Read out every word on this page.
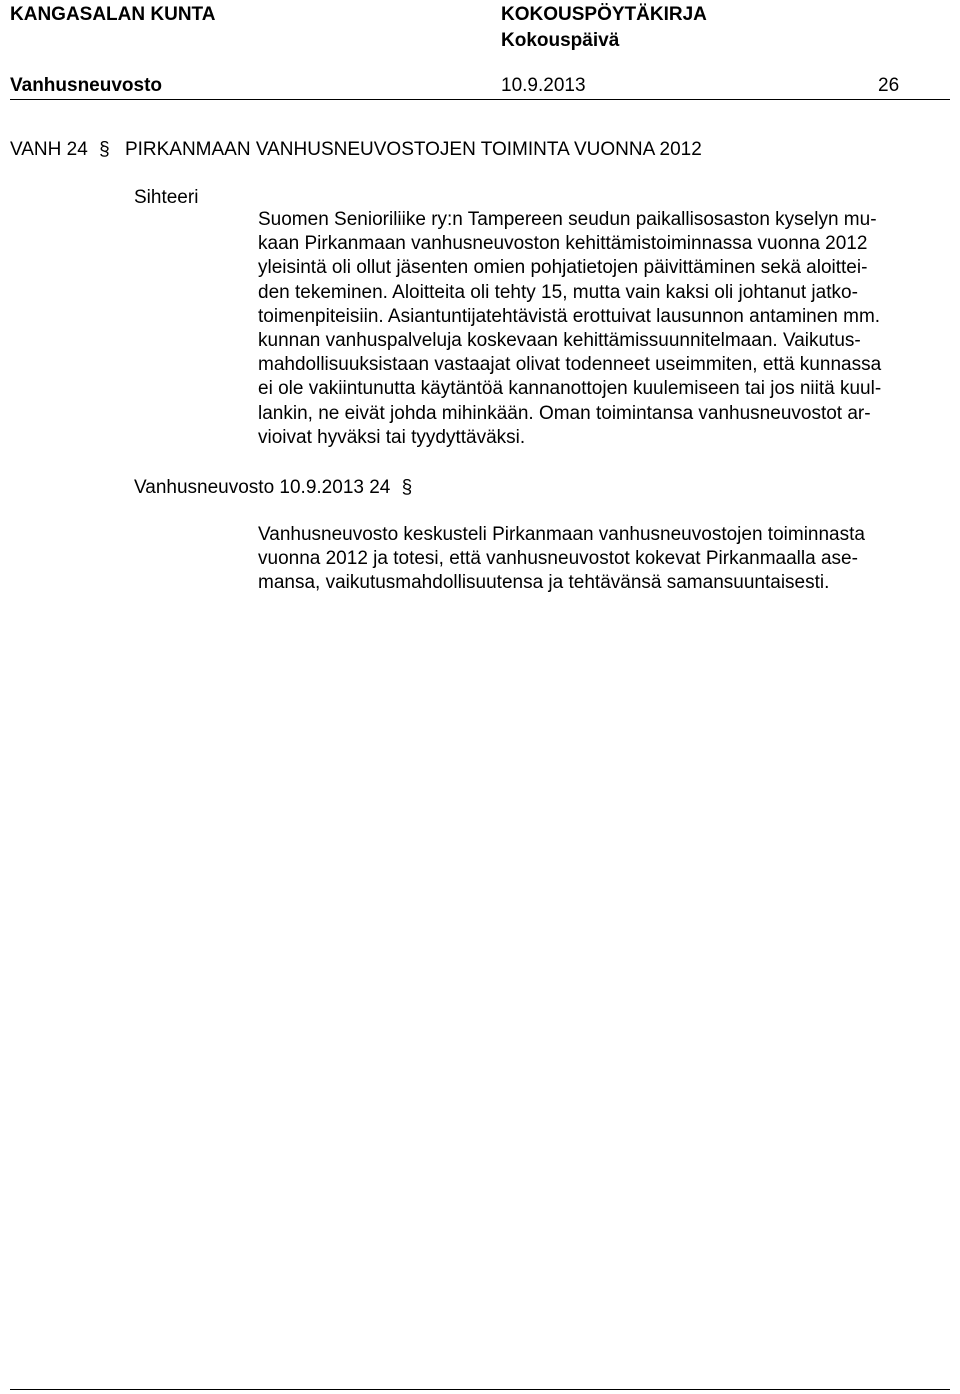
KANGASALAN KUNTA	KOKOUSPÖYTÄKIRJA
Kokouspäivä
Vanhusneuvosto	10.9.2013	26
VANH 24 § PIRKANMAAN VANHUSNEUVOSTOJEN TOIMINTA VUONNA 2012
Sihteeri
Suomen Senioriliike ry:n Tampereen seudun paikallisosaston kyselyn mu-
kaan Pirkanmaan vanhusneuvoston kehittämistoiminnassa vuonna 2012
yleisintä oli ollut jäsenten omien pohjatietojen päivittäminen sekä aloittei-
den tekeminen. Aloitteita oli tehty 15, mutta vain kaksi oli johtanut jatko-
toimenpiteisiin. Asiantuntijatehtävistä erottuivat lausunnon antaminen mm.
kunnan vanhuspalveluja koskevaan kehittämissuunnitelmaan. Vaikutus-
mahdollisuuksistaan vastaajat olivat todenneet useimmiten, että kunnassa
ei ole vakiintunutta käytäntöä kannanottojen kuulemiseen tai jos niitä kuul-
lankin, ne eivät johda mihinkään. Oman toimintansa vanhusneuvostot ar-
vioivat hyväksi tai tyydyttäväksi.
Vanhusneuvosto 10.9.2013 24 §
Vanhusneuvosto keskusteli Pirkanmaan vanhusneuvostojen toiminnasta
vuonna 2012 ja totesi, että vanhusneuvostot kokevat Pirkanmaalla ase-
mansa, vaikutusmahdollisuutensa ja tehtävänsä samansuuntaisesti.
